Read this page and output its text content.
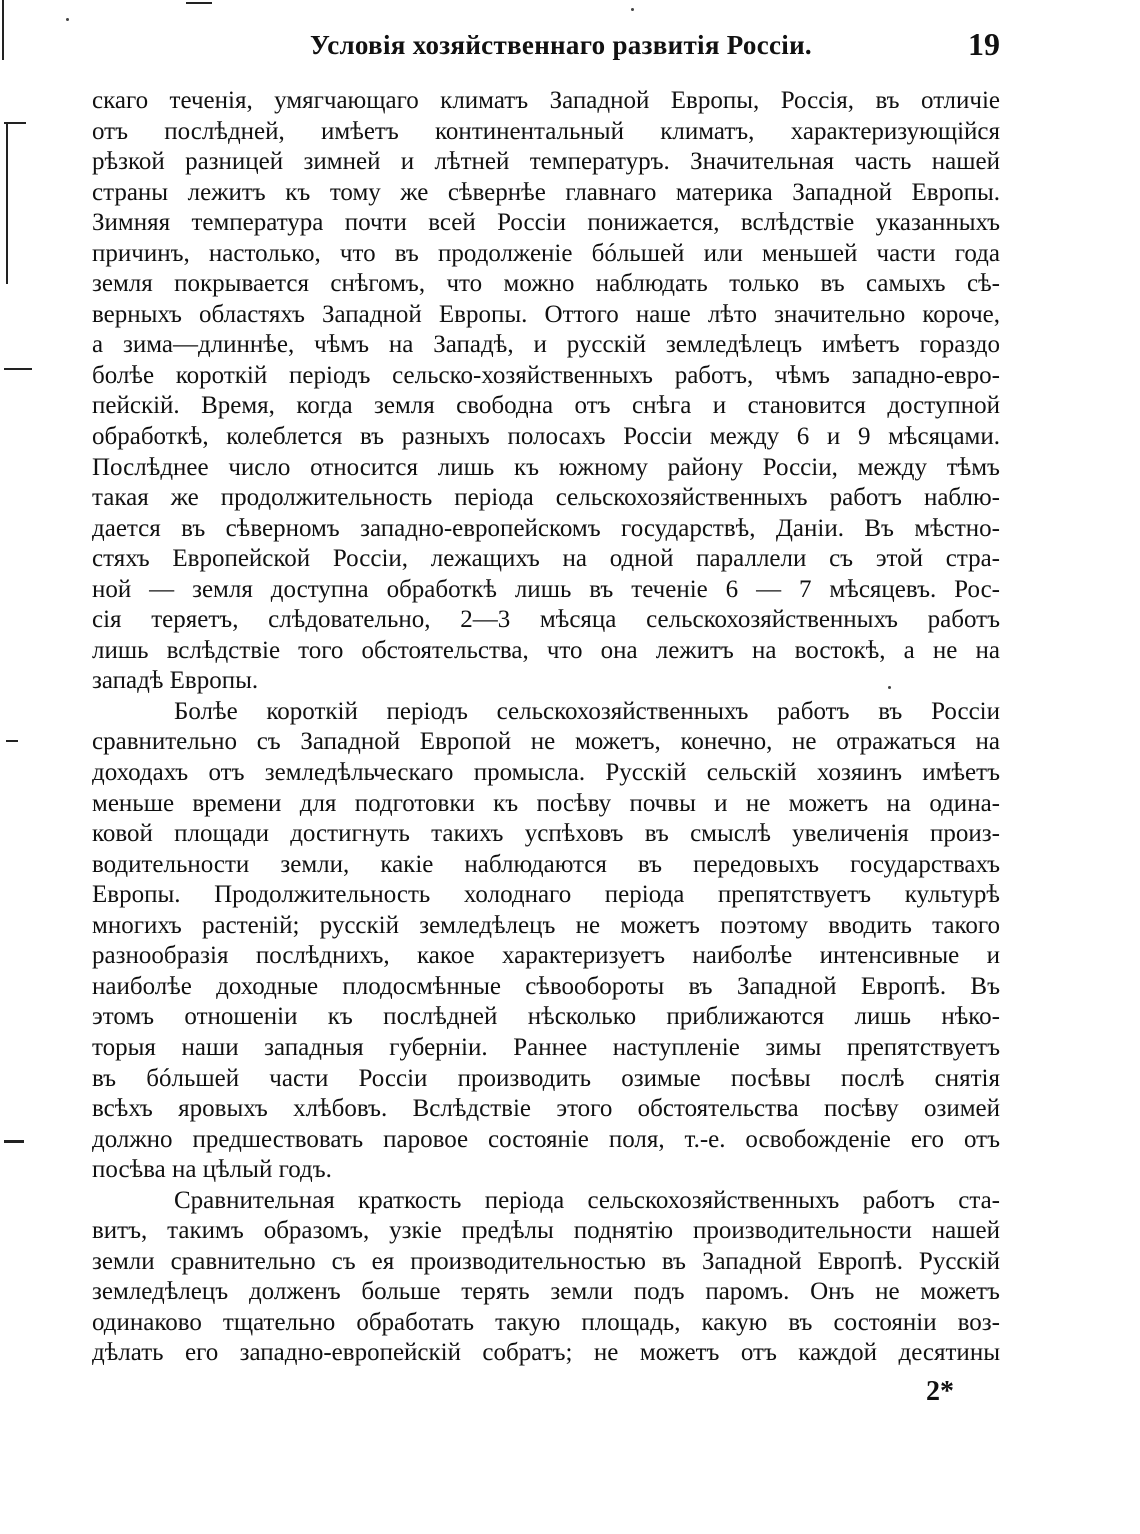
Условія хозяйственнаго развитія Россіи.	19
скаго теченія, умягчающаго климатъ Западной Европы, Россія, въ отличіе
отъ послѣдней, имѣетъ континентальный климатъ, характеризующійся
рѣзкой разницей зимней и лѣтней температуръ. Значительная часть нашей
страны лежитъ къ тому же сѣвернѣе главнаго материка Западной Европы.
Зимняя температура почти всей Россіи понижается, вслѣдствіе указанныхъ
причинъ, настолько, что въ продолженіе бóльшей или меньшей части года
земля покрывается снѣгомъ, что можно наблюдать только въ самыхъ сѣ-
верныхъ областяхъ Западной Европы. Оттого наше лѣто значительно короче,
а зима—длиннѣе, чѣмъ на Западѣ, и русскій земледѣлецъ имѣетъ гораздо
болѣе короткій періодъ сельско-хозяйственныхъ работъ, чѣмъ западно-евро-
пейскій. Время, когда земля свободна отъ снѣга и становится доступной
обработкѣ, колеблется въ разныхъ полосахъ Россіи между 6 и 9 мѣсяцами.
Послѣднее число относится лишь къ южному району Россіи, между тѣмъ
такая же продолжительность періода сельскохозяйственныхъ работъ наблю-
дается въ сѣверномъ западно-европейскомъ государствѣ, Даніи. Въ мѣстно-
стяхъ Европейской Россіи, лежащихъ на одной параллели съ этой стра-
ной — земля доступна обработкѣ лишь въ теченіе 6 — 7 мѣсяцевъ. Рос-
сія теряетъ, слѣдовательно, 2—3 мѣсяца сельскохозяйственныхъ работъ
лишь вслѣдствіе того обстоятельства, что она лежитъ на востокѣ, а не на
западѣ Европы.
Болѣе короткій періодъ сельскохозяйственныхъ работъ въ Россіи
сравнительно съ Западной Европой не можетъ, конечно, не отражаться на
доходахъ отъ земледѣльческаго промысла. Русскій сельскій хозяинъ имѣетъ
меньше времени для подготовки къ посѣву почвы и не можетъ на одина-
ковой площади достигнуть такихъ успѣховъ въ смыслѣ увеличенія произ-
водительности земли, какіе наблюдаются въ передовыхъ государствахъ
Европы. Продолжительность холоднаго періода препятствуетъ культурѣ
многихъ растеній; русскій земледѣлецъ не можетъ поэтому вводить такого
разнообразія послѣднихъ, какое характеризуетъ наиболѣе интенсивные и
наиболѣе доходные плодосмѣнные сѣвообороты въ Западной Европѣ. Въ
этомъ отношеніи къ послѣдней нѣсколько приближаются лишь нѣко-
торыя наши западныя губерніи. Раннее наступленіе зимы препятствуетъ
въ бóльшей части Россіи производить озимые посѣвы послѣ снятія
всѣхъ яровыхъ хлѣбовъ. Вслѣдствіе этого обстоятельства посѣву озимей
должно предшествовать паровое состояніе поля, т.-е. освобожденіе его отъ
посѣва на цѣлый годъ.
Сравнительная краткость періода сельскохозяйственныхъ работъ ста-
витъ, такимъ образомъ, узкіе предѣлы поднятію производительности нашей
земли сравнительно съ ея производительностью въ Западной Европѣ. Русскій
земледѣлецъ долженъ больше терять земли подъ паромъ. Онъ не можетъ
одинаково тщательно обработать такую площадь, какую въ состояніи воз-
дѣлать его западно-европейскій собратъ; не можетъ отъ каждой десятины
2*
